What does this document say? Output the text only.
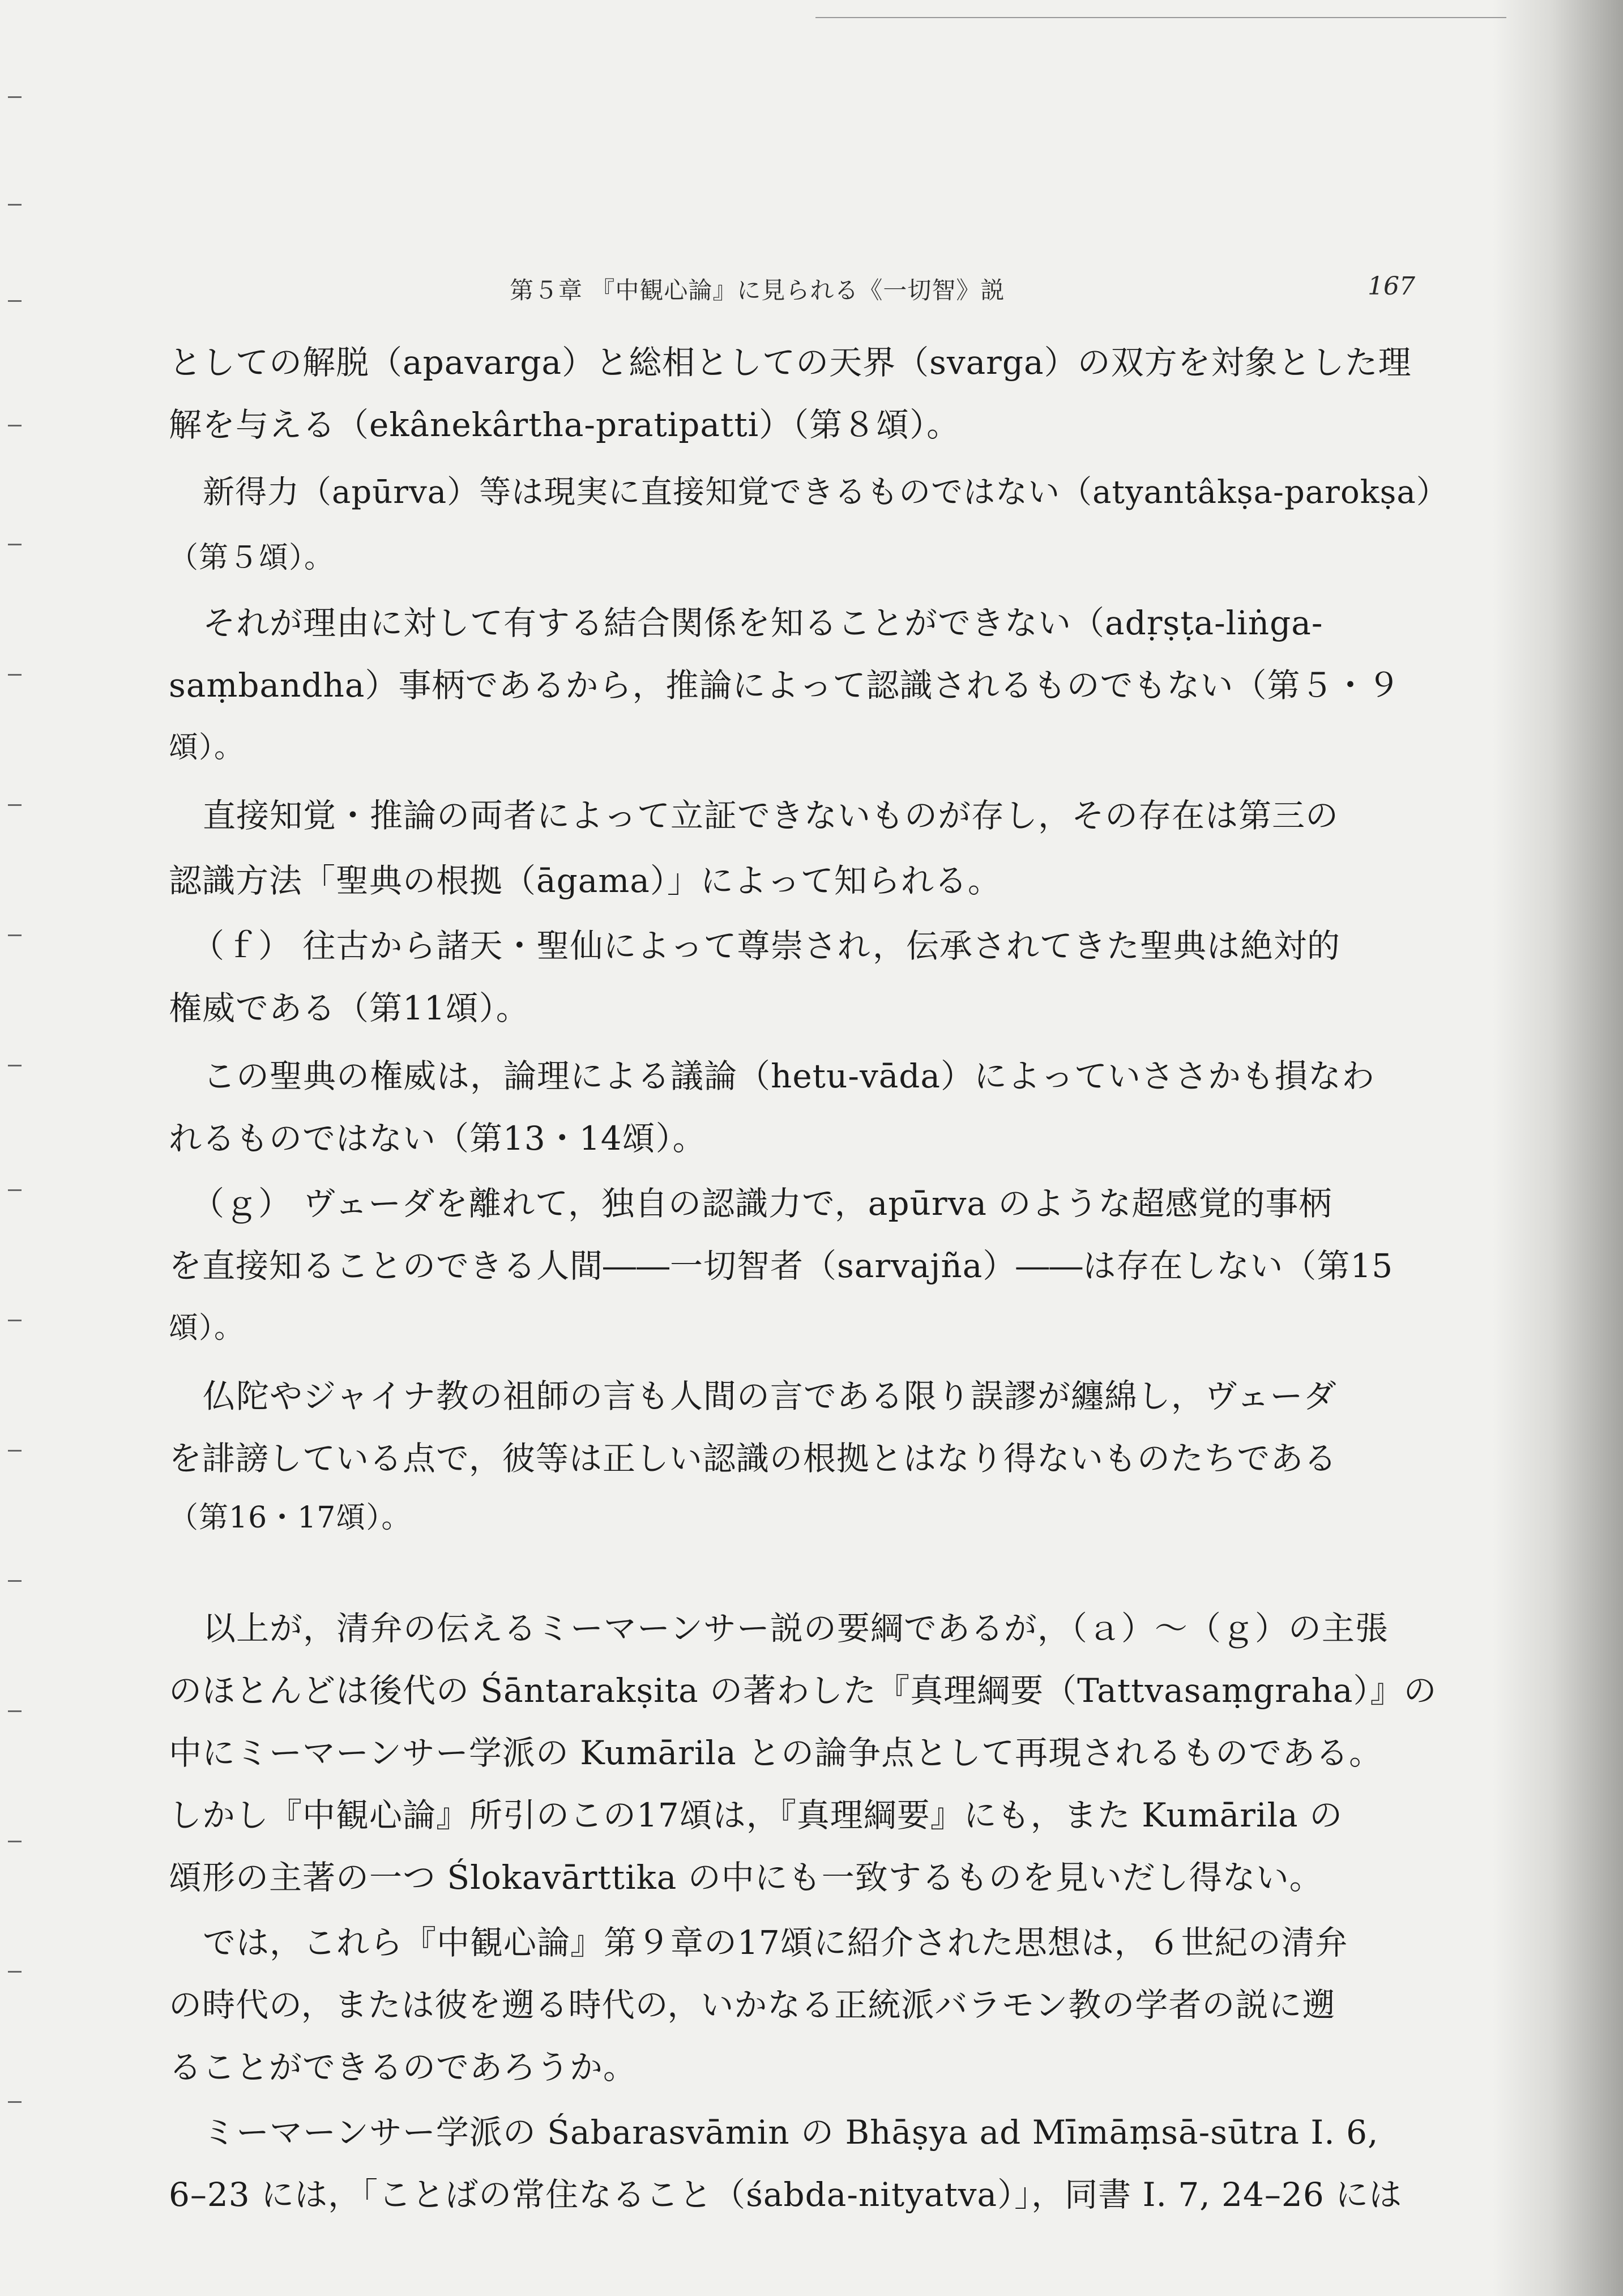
第５章 『中観心論』に見られる《一切智》説	167
としての解脱（apavarga）と総相としての天界（svarga）の双方を対象とした理
解を与える（ekânekârtha-pratipatti）（第８頌）。
新得力（apūrva）等は現実に直接知覚できるものではない（atyantâkṣa-parokṣa）
（第５頌）。
それが理由に対して有する結合関係を知ることができない（adṛṣṭa-liṅga-
saṃbandha）事柄であるから，推論によって認識されるものでもない（第５・９
頌）。
直接知覚・推論の両者によって立証できないものが存し，その存在は第三の
認識方法「聖典の根拠（āgama）」によって知られる。
（ｆ） 往古から諸天・聖仙によって尊崇され，伝承されてきた聖典は絶対的
権威である（第11頌）。
この聖典の権威は，論理による議論（hetu-vāda）によっていささかも損なわ
れるものではない（第13・14頌）。
（ｇ） ヴェーダを離れて，独自の認識力で，apūrva のような超感覚的事柄
を直接知ることのできる人間――一切智者（sarvajña）――は存在しない（第15
頌）。
仏陀やジャイナ教の祖師の言も人間の言である限り誤謬が纏綿し，ヴェーダ
を誹謗している点で，彼等は正しい認識の根拠とはなり得ないものたちである
（第16・17頌）。
以上が，清弁の伝えるミーマーンサー説の要綱であるが，（ａ）～（ｇ）の主張
のほとんどは後代の Śāntarakṣita の著わした『真理綱要（Tattvasaṃgraha）』の
中にミーマーンサー学派の Kumārila との論争点として再現されるものである。
しかし『中観心論』所引のこの17頌は，『真理綱要』にも，また Kumārila の
頌形の主著の一つ Ślokavārttika の中にも一致するものを見いだし得ない。
では，これら『中観心論』第９章の17頌に紹介された思想は，６世紀の清弁
の時代の，または彼を遡る時代の，いかなる正統派バラモン教の学者の説に遡
ることができるのであろうか。
ミーマーンサー学派の Śabarasvāmin の Bhāṣya ad Mīmāṃsā-sūtra I. 6,
6–23 には，「ことばの常住なること（śabda-nityatva）」，同書 I. 7, 24–26 には
